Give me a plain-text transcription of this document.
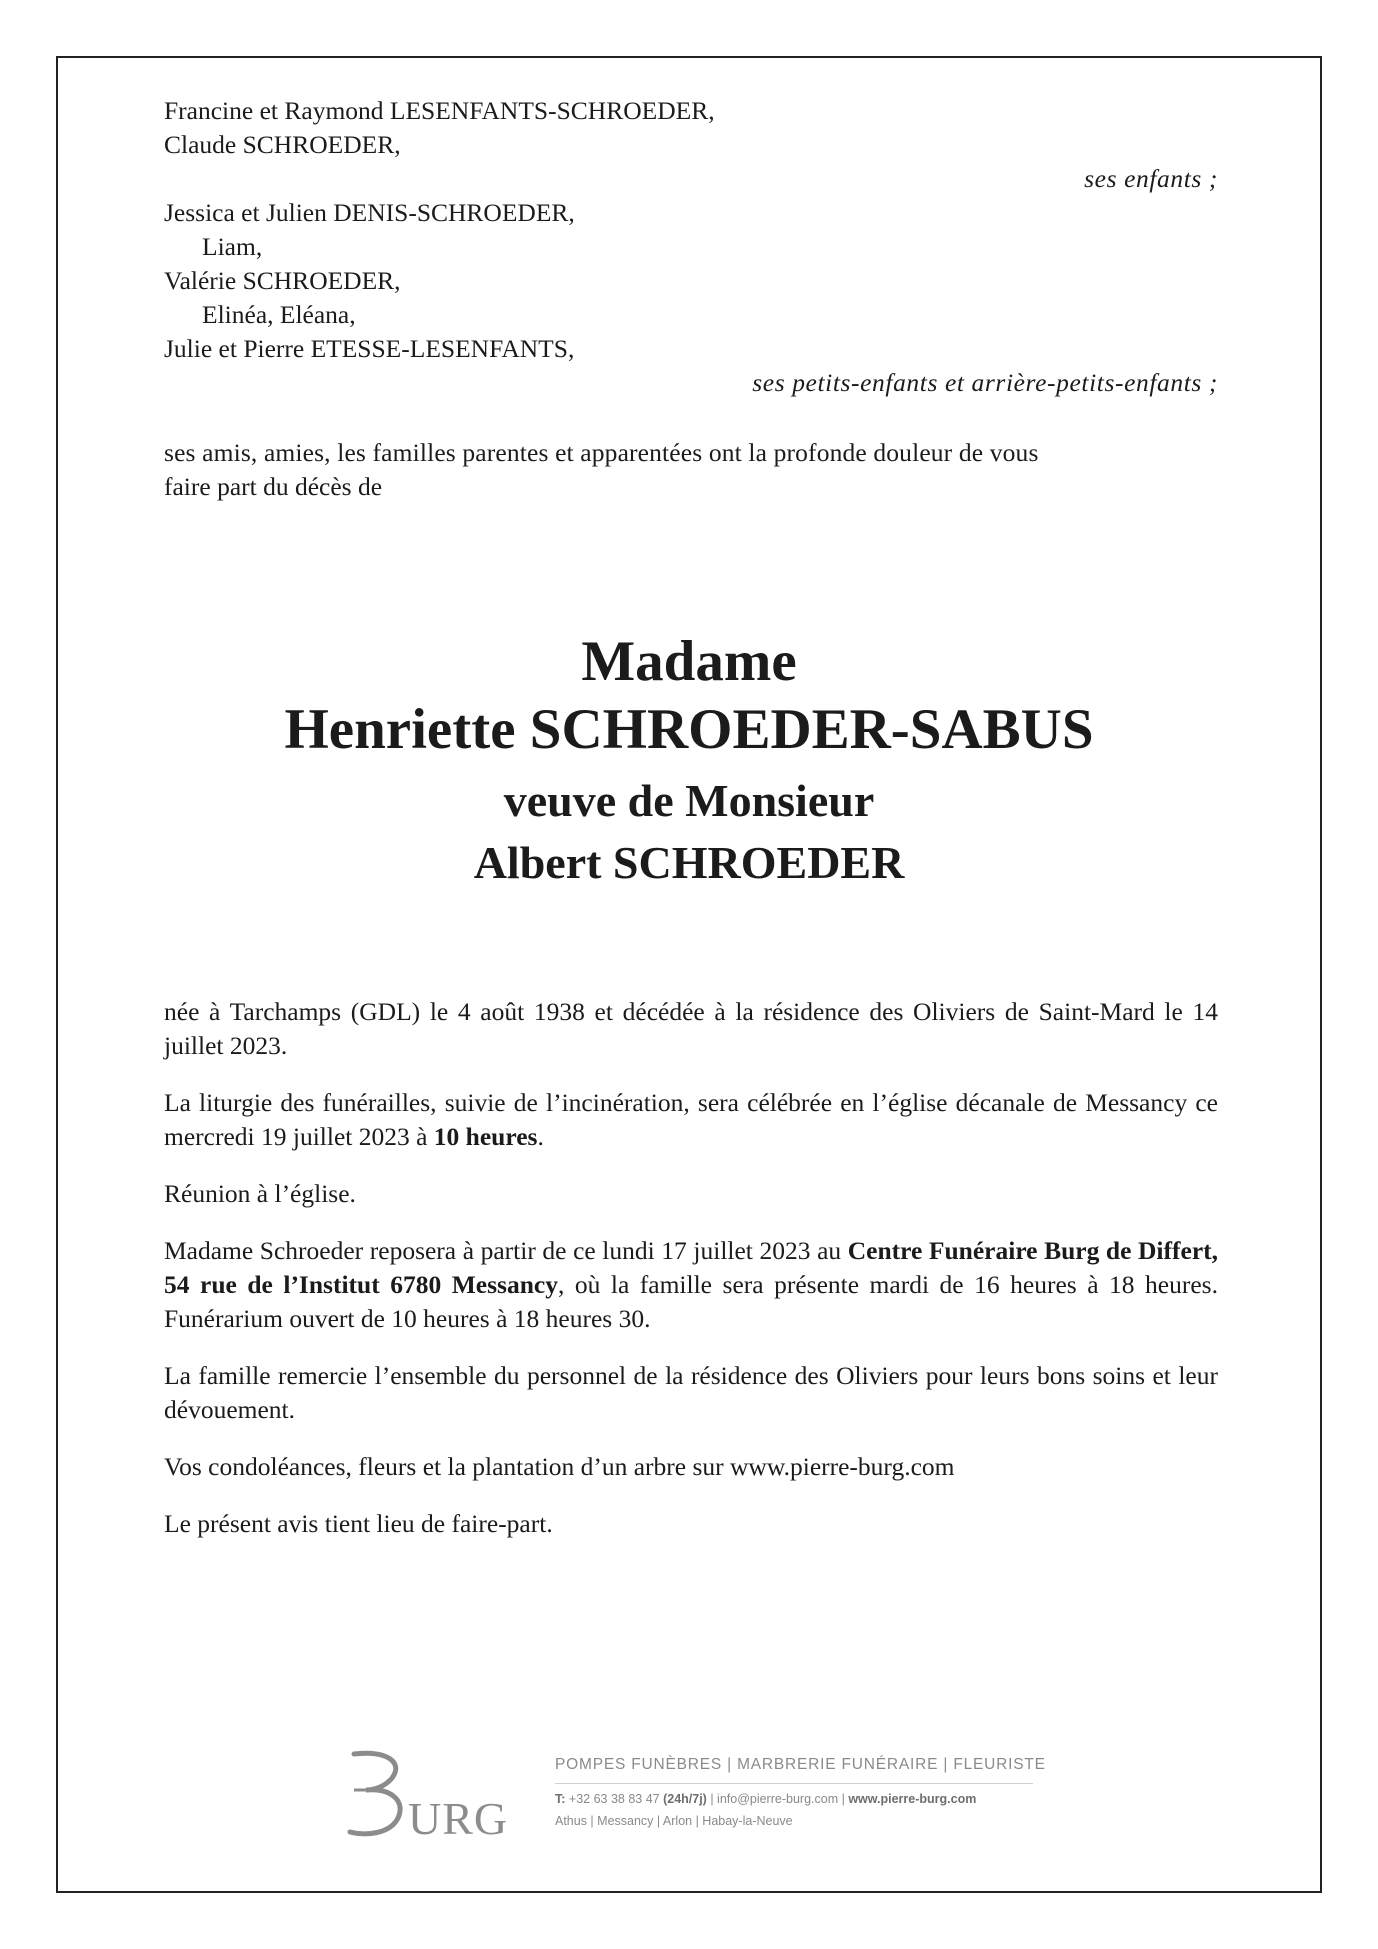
Francine et Raymond LESENFANTS-SCHROEDER,
Claude SCHROEDER,
ses enfants ;
Jessica et Julien DENIS-SCHROEDER,
Liam,
Valérie SCHROEDER,
Elinéa, Eléana,
Julie et Pierre ETESSE-LESENFANTS,
ses petits-enfants et arrière-petits-enfants ;
ses amis, amies, les familles parentes et apparentées ont la profonde douleur de vous
faire part du décès de
Madame
Henriette SCHROEDER-SABUS
veuve de Monsieur
Albert SCHROEDER

née à Tarchamps (GDL) le 4 août 1938 et décédée à la résidence des Oliviers de Saint-Mard le 14 juillet 2023.

La liturgie des funérailles, suivie de l’incinération, sera célébrée en l’église décanale de Messancy ce mercredi 19 juillet 2023 à 10 heures.

Réunion à l’église.

Madame Schroeder reposera à partir de ce lundi 17 juillet 2023 au Centre Funéraire Burg de Differt, 54 rue de l’Institut 6780 Messancy, où la famille sera présente mardi de 16 heures à 18 heures. Funérarium ouvert de 10 heures à 18 heures 30.

La famille remercie l’ensemble du personnel de la résidence des Oliviers pour leurs bons soins et leur dévouement.

Vos condoléances, fleurs et la plantation d’un arbre sur www.pierre-burg.com

Le présent avis tient lieu de faire-part.

URG
POMPES FUNÈBRES | MARBRERIE FUNÉRAIRE | FLEURISTE
T: +32 63 38 83 47 (24h/7j) | info@pierre-burg.com | www.pierre-burg.com
Athus | Messancy | Arlon | Habay-la-Neuve
